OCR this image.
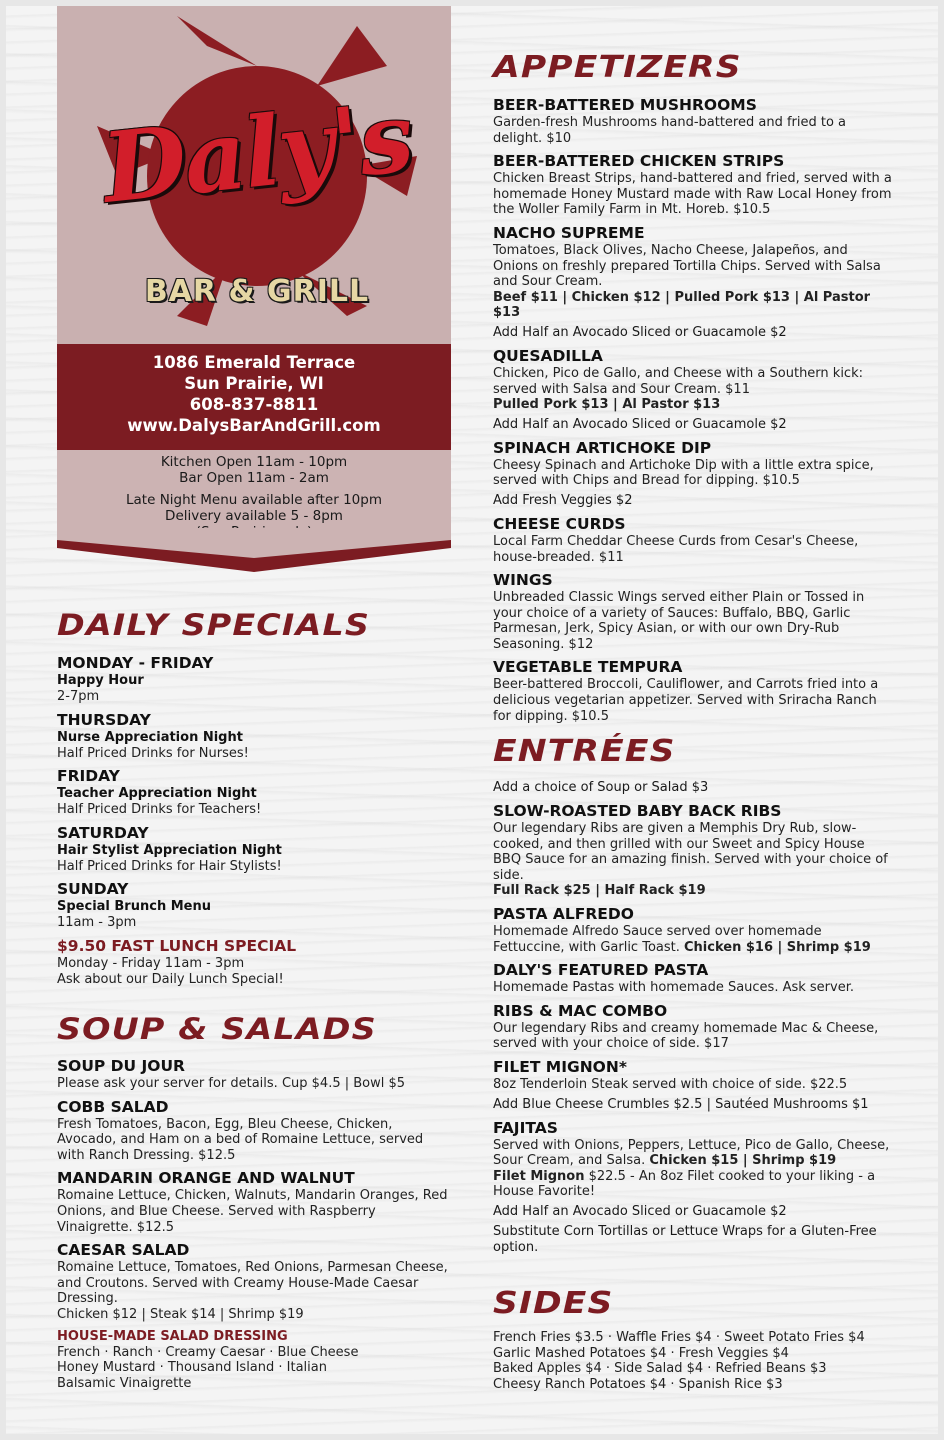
Daly's
BAR & GRILL
1086 Emerald Terrace
Sun Prairie, WI
608-837-8811
www.DalysBarAndGrill.com
Kitchen Open 11am - 10pm
Bar Open 11am - 2am
Late Night Menu available after 10pm
Delivery available 5 - 8pm
DAILY SPECIALS
MONDAY - FRIDAY
Happy Hour
2-7pm
THURSDAY
Nurse Appreciation Night
Half Priced Drinks for Nurses!
FRIDAY
Teacher Appreciation Night
Half Priced Drinks for Teachers!
SATURDAY
Hair Stylist Appreciation Night
Half Priced Drinks for Hair Stylists!
SUNDAY
Special Brunch Menu
11am - 3pm
$9.50 FAST LUNCH SPECIAL
Monday - Friday 11am - 3pm
Ask about our Daily Lunch Special!
SOUP & SALADS
SOUP DU JOUR
Please ask your server for details. Cup $4.5 | Bowl $5
COBB SALAD
Fresh Tomatoes, Bacon, Egg, Bleu Cheese, Chicken, Avocado, and Ham on a bed of Romaine Lettuce, served with Ranch Dressing. $12.5
MANDARIN ORANGE AND WALNUT
Romaine Lettuce, Chicken, Walnuts, Mandarin Oranges, Red Onions, and Blue Cheese. Served with Raspberry Vinaigrette. $12.5
CAESAR SALAD
Romaine Lettuce, Tomatoes, Red Onions, Parmesan Cheese, and Croutons. Served with Creamy House-Made Caesar Dressing.
Chicken $12 | Steak $14 | Shrimp $19
HOUSE-MADE SALAD DRESSING
French · Ranch · Creamy Caesar · Blue Cheese
Honey Mustard · Thousand Island · Italian
Balsamic Vinaigrette
APPETIZERS
BEER-BATTERED MUSHROOMS
Garden-fresh Mushrooms hand-battered and fried to a delight. $10
BEER-BATTERED CHICKEN STRIPS
Chicken Breast Strips, hand-battered and fried, served with a homemade Honey Mustard made with Raw Local Honey from the Woller Family Farm in Mt. Horeb. $10.5
NACHO SUPREME
Tomatoes, Black Olives, Nacho Cheese, Jalapeños, and Onions on freshly prepared Tortilla Chips. Served with Salsa and Sour Cream.
Beef $11 | Chicken $12 | Pulled Pork $13 | Al Pastor $13
Add Half an Avocado Sliced or Guacamole $2
QUESADILLA
Chicken, Pico de Gallo, and Cheese with a Southern kick: served with Salsa and Sour Cream. $11
Pulled Pork $13 | Al Pastor $13
Add Half an Avocado Sliced or Guacamole $2
SPINACH ARTICHOKE DIP
Cheesy Spinach and Artichoke Dip with a little extra spice, served with Chips and Bread for dipping. $10.5
Add Fresh Veggies $2
CHEESE CURDS
Local Farm Cheddar Cheese Curds from Cesar's Cheese, house-breaded. $11
WINGS
Unbreaded Classic Wings served either Plain or Tossed in your choice of a variety of Sauces: Buffalo, BBQ, Garlic Parmesan, Jerk, Spicy Asian, or with our own Dry-Rub Seasoning. $12
VEGETABLE TEMPURA
Beer-battered Broccoli, Cauliflower, and Carrots fried into a delicious vegetarian appetizer. Served with Sriracha Ranch for dipping. $10.5
ENTRÉES
Add a choice of Soup or Salad $3
SLOW-ROASTED BABY BACK RIBS
Our legendary Ribs are given a Memphis Dry Rub, slow-cooked, and then grilled with our Sweet and Spicy House BBQ Sauce for an amazing finish. Served with your choice of side.
Full Rack $25 | Half Rack $19
PASTA ALFREDO
Homemade Alfredo Sauce served over homemade Fettuccine, with Garlic Toast. Chicken $16 | Shrimp $19
DALY'S FEATURED PASTA
Homemade Pastas with homemade Sauces. Ask server.
RIBS & MAC COMBO
Our legendary Ribs and creamy homemade Mac & Cheese, served with your choice of side. $17
FILET MIGNON*
8oz Tenderloin Steak served with choice of side. $22.5
Add Blue Cheese Crumbles $2.5 | Sautéed Mushrooms $1
FAJITAS
Served with Onions, Peppers, Lettuce, Pico de Gallo, Cheese, Sour Cream, and Salsa. Chicken $15 | Shrimp $19
Filet Mignon $22.5 - An 8oz Filet cooked to your liking - a House Favorite!
Add Half an Avocado Sliced or Guacamole $2
Substitute Corn Tortillas or Lettuce Wraps for a Gluten-Free option.
SIDES
French Fries $3.5 · Waffle Fries $4 · Sweet Potato Fries $4
Garlic Mashed Potatoes $4 · Fresh Veggies $4
Baked Apples $4 · Side Salad $4 · Refried Beans $3
Cheesy Ranch Potatoes $4 · Spanish Rice $3
